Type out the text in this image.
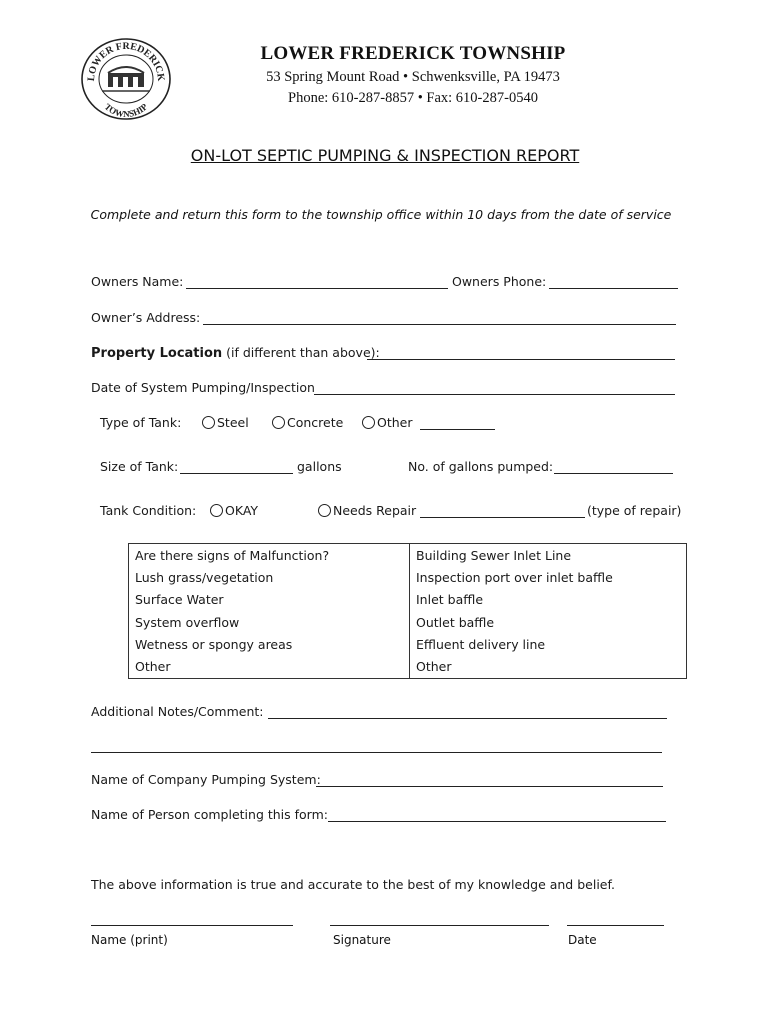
LOWER FREDERICK
TOWNSHIP
LOWER FREDERICK TOWNSHIP
53 Spring Mount Road • Schwenksville, PA 19473
Phone: 610-287-8857 • Fax: 610-287-0540
ON-LOT SEPTIC PUMPING & INSPECTION REPORT
Complete and return this form to the township office within 10 days from the date of service
Owners Name:	Owners Phone:
Owner’s Address:
Property Location (if different than above):
Date of System Pumping/Inspection
Type of Tank:	Steel	Concrete	Other
Size of Tank:	gallons	No. of gallons pumped:
Tank Condition:	OKAY	Needs Repair	(type of repair)
Are there signs of Malfunction?	Building Sewer Inlet Line
Lush grass/vegetation	Inspection port over inlet baffle
Surface Water	Inlet baffle
System overflow	Outlet baffle
Wetness or spongy areas	Effluent delivery line
Other	Other
Additional Notes/Comment:
Name of Company Pumping System:
Name of Person completing this form:
The above information is true and accurate to the best of my knowledge and belief.
Name (print)	Signature	Date
